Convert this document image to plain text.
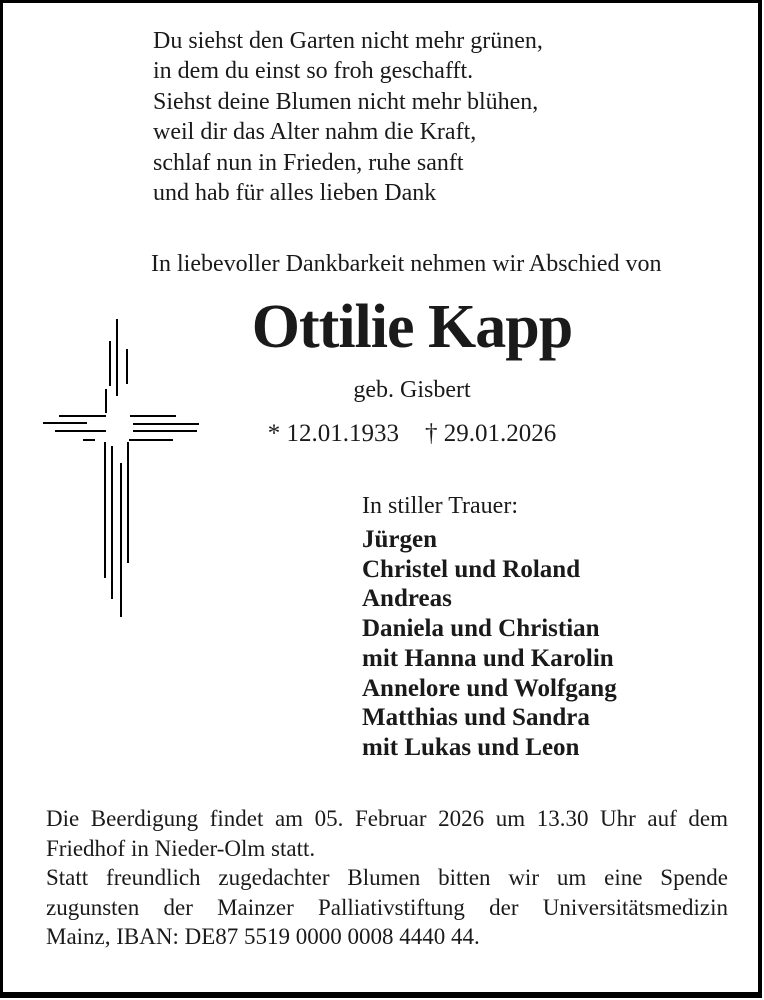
Du siehst den Garten nicht mehr grünen,
in dem du einst so froh geschafft.
Siehst deine Blumen nicht mehr blühen,
weil dir das Alter nahm die Kraft,
schlaf nun in Frieden, ruhe sanft
und hab für alles lieben Dank
In liebevoller Dankbarkeit nehmen wir Abschied von
Ottilie Kapp
geb. Gisbert
* 12.01.1933 † 29.01.2026
In stiller Trauer:
Jürgen
Christel und Roland
Andreas
Daniela und Christian
mit Hanna und Karolin
Annelore und Wolfgang
Matthias und Sandra
mit Lukas und Leon
Die Beerdigung findet am 05. Februar 2026 um 13.30 Uhr auf dem
Friedhof in Nieder-Olm statt.
Statt freundlich zugedachter Blumen bitten wir um eine Spende
zugunsten der Mainzer Palliativstiftung der Universitätsmedizin
Mainz, IBAN: DE87 5519 0000 0008 4440 44.
